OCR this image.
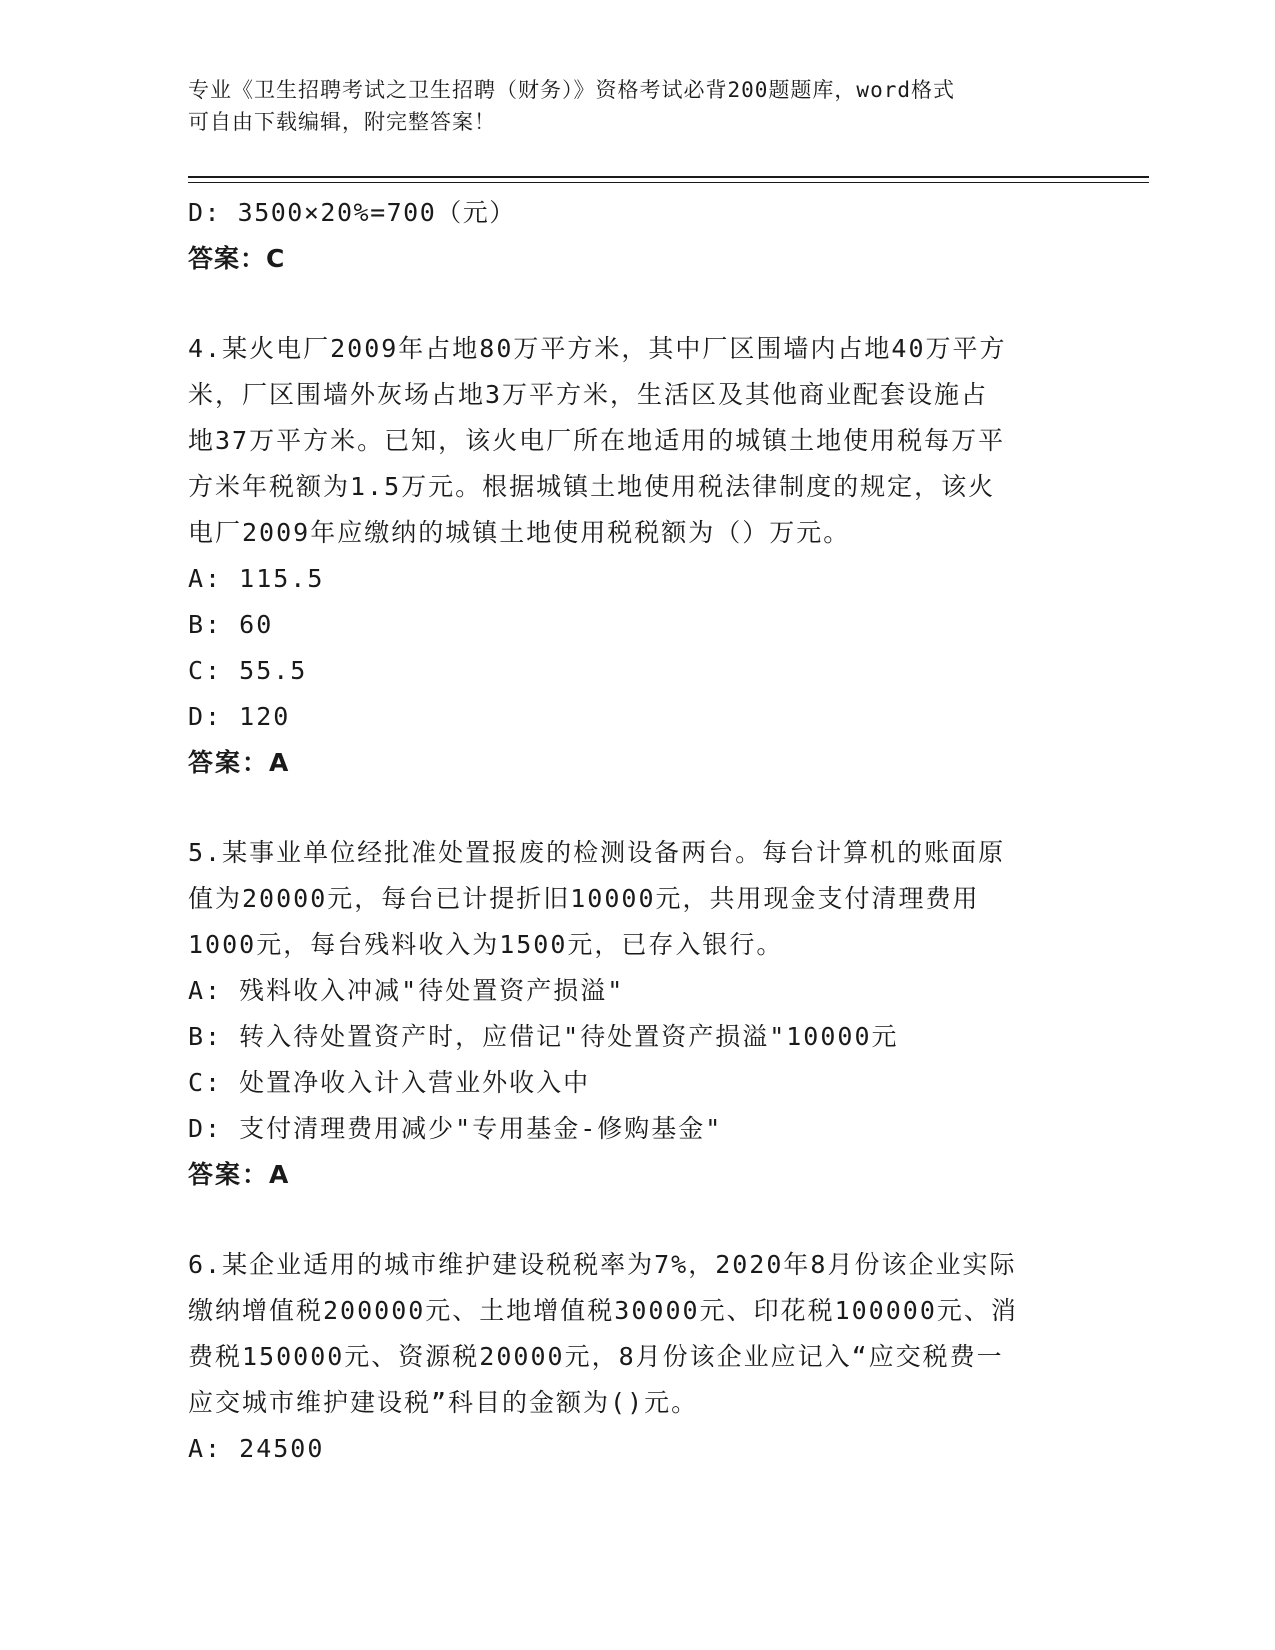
专业《卫生招聘考试之卫生招聘（财务）》资格考试必背200题题库，word格式
可自由下载编辑，附完整答案！
D: 3500×20%=700（元）
答案：C
4.某火电厂2009年占地80万平方米，其中厂区围墙内占地40万平方
米，厂区围墙外灰场占地3万平方米，生活区及其他商业配套设施占
地37万平方米。已知，该火电厂所在地适用的城镇土地使用税每万平
方米年税额为1.5万元。根据城镇土地使用税法律制度的规定，该火
电厂2009年应缴纳的城镇土地使用税税额为（）万元。
A: 115.5
B: 60
C: 55.5
D: 120
答案：A
5.某事业单位经批准处置报废的检测设备两台。每台计算机的账面原
值为20000元，每台已计提折旧10000元，共用现金支付清理费用
1000元，每台残料收入为1500元，已存入银行。
A: 残料收入冲减"待处置资产损溢"
B: 转入待处置资产时，应借记"待处置资产损溢"10000元
C: 处置净收入计入营业外收入中
D: 支付清理费用减少"专用基金-修购基金"
答案：A
6.某企业适用的城市维护建设税税率为7%，2020年8月份该企业实际
缴纳增值税200000元、土地增值税30000元、印花税100000元、消
费税150000元、资源税20000元，8月份该企业应记入“应交税费一
应交城市维护建设税”科目的金额为()元。
A: 24500
